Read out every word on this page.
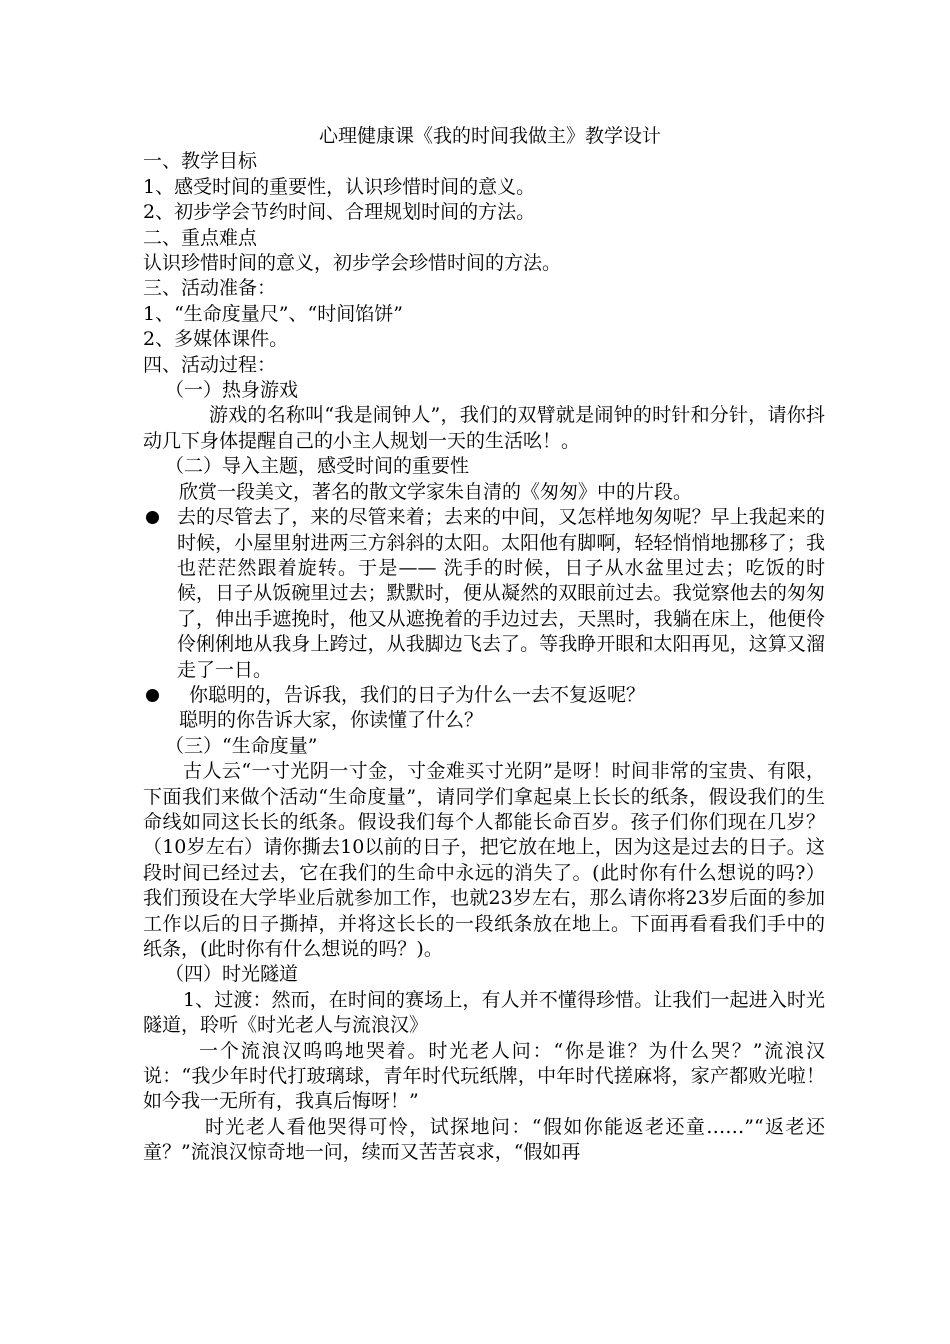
心理健康课《我的时间我做主》教学设计

一、教学目标

1、感受时间的重要性，认识珍惜时间的意义。

2、初步学会节约时间、合理规划时间的方法。

二、重点难点

认识珍惜时间的意义，初步学会珍惜时间的方法。

三、活动准备：

1、“生命度量尺”、“时间馅饼”

2、多媒体课件。

四、活动过程：

（一）热身游戏

游戏的名称叫“我是闹钟人”，我们的双臂就是闹钟的时针和分针，请你抖动几下身体提醒自己的小主人规划一天的生活吆！。

（二）导入主题，感受时间的重要性

欣赏一段美文，著名的散文学家朱自清的《匆匆》中的片段。

去的尽管去了，来的尽管来着；去来的中间，又怎样地匆匆呢？早上我起来的时候，小屋里射进两三方斜斜的太阳。太阳他有脚啊，轻轻悄悄地挪移了；我也茫茫然跟着旋转。于是—— 洗手的时候，日子从水盆里过去；吃饭的时候，日子从饭碗里过去；默默时，便从凝然的双眼前过去。我觉察他去的匆匆了，伸出手遮挽时，他又从遮挽着的手边过去，天黑时，我躺在床上，他便伶伶俐俐地从我身上跨过，从我脚边飞去了。等我睁开眼和太阳再见，这算又溜走了一日。

你聪明的，告诉我，我们的日子为什么一去不复返呢？

聪明的你告诉大家，你读懂了什么？

（三）“生命度量”

古人云“一寸光阴一寸金，寸金难买寸光阴”是呀！时间非常的宝贵、有限，下面我们来做个活动“生命度量”，请同学们拿起桌上长长的纸条，假设我们的生命线如同这长长的纸条。假设我们每个人都能长命百岁。孩子们你们现在几岁？（10岁左右）请你撕去10以前的日子，把它放在地上，因为这是过去的日子。这段时间已经过去，它在我们的生命中永远的消失了。(此时你有什么想说的吗?）我们预设在大学毕业后就参加工作，也就23岁左右，那么请你将23岁后面的参加工作以后的日子撕掉，并将这长长的一段纸条放在地上。下面再看看我们手中的纸条，(此时你有什么想说的吗？)。

（四）时光隧道

1、过渡：然而，在时间的赛场上，有人并不懂得珍惜。让我们一起进入时光隧道，聆听《时光老人与流浪汉》

一个流浪汉呜呜地哭着。时光老人问：“你是谁？为什么哭？”流浪汉说：“我少年时代打玻璃球，青年时代玩纸牌，中年时代搓麻将，家产都败光啦！如今我一无所有，我真后悔呀！”

时光老人看他哭得可怜，试探地问：“假如你能返老还童……”“返老还童？”流浪汉惊奇地一问，续而又苦苦哀求，“假如再
